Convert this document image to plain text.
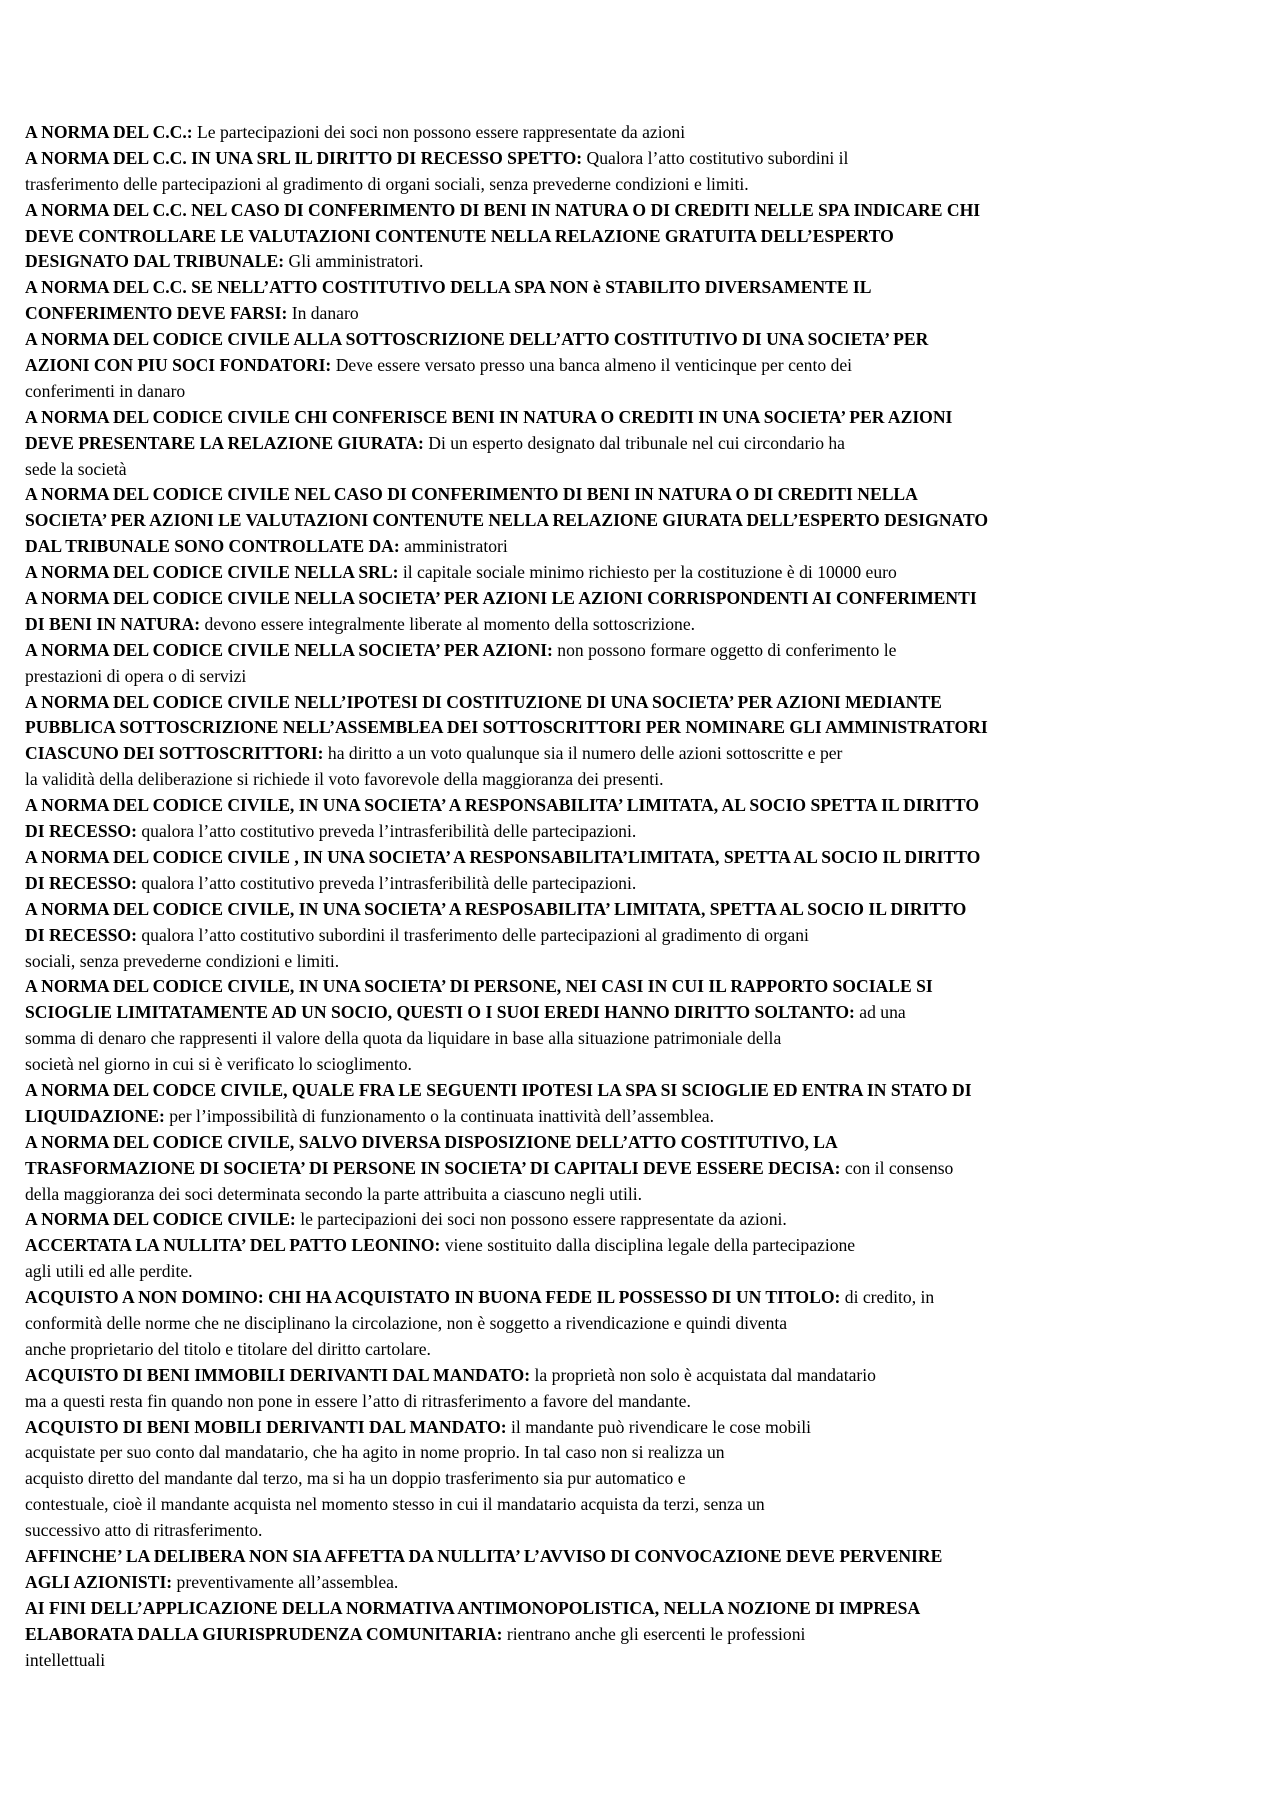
A NORMA DEL C.C.: Le partecipazioni dei soci non possono essere rappresentate da azioni
A NORMA DEL C.C. IN UNA SRL IL DIRITTO DI RECESSO SPETTO: Qualora l’atto costitutivo subordini il
trasferimento delle partecipazioni al gradimento di organi sociali, senza prevederne condizioni e limiti.
A NORMA DEL C.C. NEL CASO DI CONFERIMENTO DI BENI IN NATURA O DI CREDITI NELLE SPA INDICARE CHI
DEVE CONTROLLARE LE VALUTAZIONI CONTENUTE NELLA RELAZIONE GRATUITA DELL’ESPERTO
DESIGNATO DAL TRIBUNALE: Gli amministratori.
A NORMA DEL C.C. SE NELL’ATTO COSTITUTIVO DELLA SPA NON è STABILITO DIVERSAMENTE IL
CONFERIMENTO DEVE FARSI: In danaro
A NORMA DEL CODICE CIVILE ALLA SOTTOSCRIZIONE DELL’ATTO COSTITUTIVO DI UNA SOCIETA’ PER
AZIONI CON PIU SOCI FONDATORI: Deve essere versato presso una banca almeno il venticinque per cento dei
conferimenti in danaro
A NORMA DEL CODICE CIVILE CHI CONFERISCE BENI IN NATURA O CREDITI IN UNA SOCIETA’ PER AZIONI
DEVE PRESENTARE LA RELAZIONE GIURATA: Di un esperto designato dal tribunale nel cui circondario ha
sede la società
A NORMA DEL CODICE CIVILE NEL CASO DI CONFERIMENTO DI BENI IN NATURA O DI CREDITI NELLA
SOCIETA’ PER AZIONI LE VALUTAZIONI CONTENUTE NELLA RELAZIONE GIURATA DELL’ESPERTO DESIGNATO
DAL TRIBUNALE SONO CONTROLLATE DA: amministratori
A NORMA DEL CODICE CIVILE NELLA SRL: il capitale sociale minimo richiesto per la costituzione è di 10000 euro
A NORMA DEL CODICE CIVILE NELLA SOCIETA’ PER AZIONI LE AZIONI CORRISPONDENTI AI CONFERIMENTI
DI BENI IN NATURA: devono essere integralmente liberate al momento della sottoscrizione.
A NORMA DEL CODICE CIVILE NELLA SOCIETA’ PER AZIONI: non possono formare oggetto di conferimento le
prestazioni di opera o di servizi
A NORMA DEL CODICE CIVILE NELL’IPOTESI DI COSTITUZIONE DI UNA SOCIETA’ PER AZIONI MEDIANTE
PUBBLICA SOTTOSCRIZIONE NELL’ASSEMBLEA DEI SOTTOSCRITTORI PER NOMINARE GLI AMMINISTRATORI
CIASCUNO DEI SOTTOSCRITTORI: ha diritto a un voto qualunque sia il numero delle azioni sottoscritte e per
la validità della deliberazione si richiede il voto favorevole della maggioranza dei presenti.
A NORMA DEL CODICE CIVILE, IN UNA SOCIETA’ A RESPONSABILITA’ LIMITATA, AL SOCIO SPETTA IL DIRITTO
DI RECESSO: qualora l’atto costitutivo preveda l’intrasferibilità delle partecipazioni.
A NORMA DEL CODICE CIVILE , IN UNA SOCIETA’ A RESPONSABILITA’LIMITATA, SPETTA AL SOCIO IL DIRITTO
DI RECESSO: qualora l’atto costitutivo preveda l’intrasferibilità delle partecipazioni.
A NORMA DEL CODICE CIVILE, IN UNA SOCIETA’ A RESPOSABILITA’ LIMITATA, SPETTA AL SOCIO IL DIRITTO
DI RECESSO: qualora l’atto costitutivo subordini il trasferimento delle partecipazioni al gradimento di organi
sociali, senza prevederne condizioni e limiti.
A NORMA DEL CODICE CIVILE, IN UNA SOCIETA’ DI PERSONE, NEI CASI IN CUI IL RAPPORTO SOCIALE SI
SCIOGLIE LIMITATAMENTE AD UN SOCIO, QUESTI O I SUOI EREDI HANNO DIRITTO SOLTANTO: ad una
somma di denaro che rappresenti il valore della quota da liquidare in base alla situazione patrimoniale della
società nel giorno in cui si è verificato lo scioglimento.
A NORMA DEL CODCE CIVILE, QUALE FRA LE SEGUENTI IPOTESI LA SPA SI SCIOGLIE ED ENTRA IN STATO DI
LIQUIDAZIONE: per l’impossibilità di funzionamento o la continuata inattività dell’assemblea.
A NORMA DEL CODICE CIVILE, SALVO DIVERSA DISPOSIZIONE DELL’ATTO COSTITUTIVO, LA
TRASFORMAZIONE DI SOCIETA’ DI PERSONE IN SOCIETA’ DI CAPITALI DEVE ESSERE DECISA: con il consenso
della maggioranza dei soci determinata secondo la parte attribuita a ciascuno negli utili.
A NORMA DEL CODICE CIVILE: le partecipazioni dei soci non possono essere rappresentate da azioni.
ACCERTATA LA NULLITA’ DEL PATTO LEONINO: viene sostituito dalla disciplina legale della partecipazione
agli utili ed alle perdite.
ACQUISTO A NON DOMINO: CHI HA ACQUISTATO IN BUONA FEDE IL POSSESSO DI UN TITOLO: di credito, in
conformità delle norme che ne disciplinano la circolazione, non è soggetto a rivendicazione e quindi diventa
anche proprietario del titolo e titolare del diritto cartolare.
ACQUISTO DI BENI IMMOBILI DERIVANTI DAL MANDATO: la proprietà non solo è acquistata dal mandatario
ma a questi resta fin quando non pone in essere l’atto di ritrasferimento a favore del mandante.
ACQUISTO DI BENI MOBILI DERIVANTI DAL MANDATO: il mandante può rivendicare le cose mobili
acquistate per suo conto dal mandatario, che ha agito in nome proprio. In tal caso non si realizza un
acquisto diretto del mandante dal terzo, ma si ha un doppio trasferimento sia pur automatico e
contestuale, cioè il mandante acquista nel momento stesso in cui il mandatario acquista da terzi, senza un
successivo atto di ritrasferimento.
AFFINCHE’ LA DELIBERA NON SIA AFFETTA DA NULLITA’ L’AVVISO DI CONVOCAZIONE DEVE PERVENIRE
AGLI AZIONISTI: preventivamente all’assemblea.
AI FINI DELL’APPLICAZIONE DELLA NORMATIVA ANTIMONOPOLISTICA, NELLA NOZIONE DI IMPRESA
ELABORATA DALLA GIURISPRUDENZA COMUNITARIA: rientrano anche gli esercenti le professioni
intellettuali
